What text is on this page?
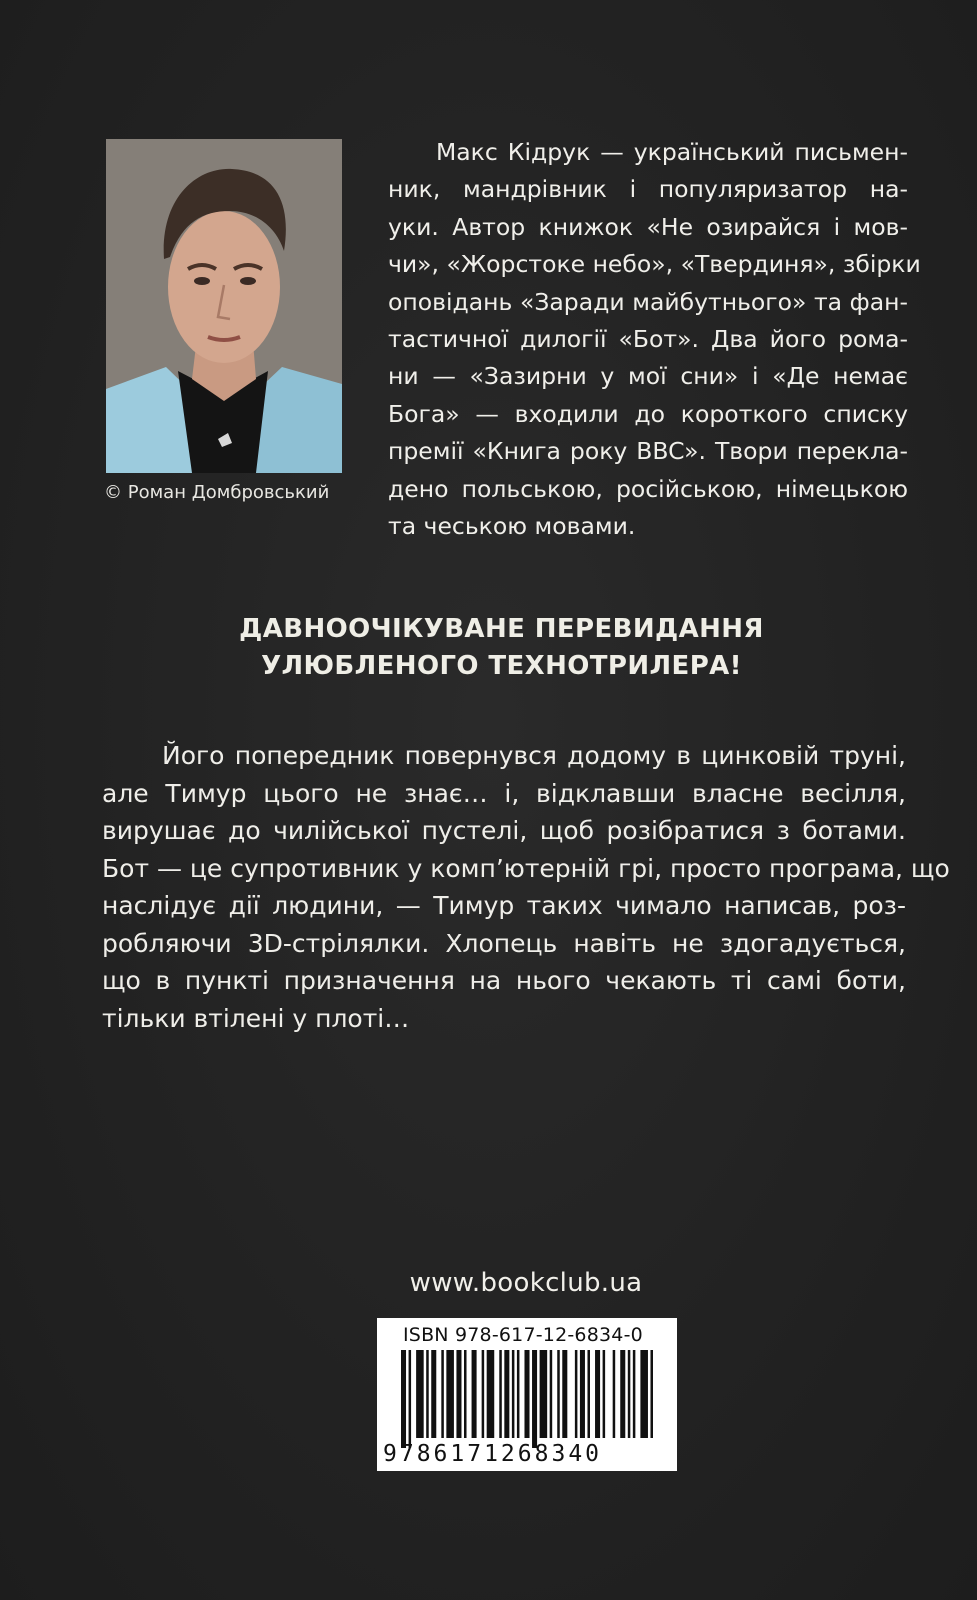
© Роман Домбровський
Макс Кідрук — український письмен-
ник, мандрівник і популяризатор на-
уки. Автор книжок «Не озирайся і мов-
чи», «Жорстоке небо», «Твердиня», збірки
оповідань «Заради майбутнього» та фан-
тастичної дилогії «Бот». Два його рома-
ни — «Зазирни у мої сни» і «Де немає
Бога» — входили до короткого списку
премії «Книга року BBC». Твори перекла-
дено польською, російською, німецькою
та чеською мовами.
ДАВНООЧІКУВАНЕ ПЕРЕВИДАННЯ
УЛЮБЛЕНОГО ТЕХНОТРИЛЕРА!
Його попередник повернувся додому в цинковій труні,
але Тимур цього не знає… і, відклавши власне весілля,
вирушає до чилійської пустелі, щоб розібратися з ботами.
Бот — це супротивник у комп’ютерній грі, просто програма, що
наслідує дії людини, — Тимур таких чимало написав, роз-
робляючи 3D-стрілялки. Хлопець навіть не здогадується,
що в пункті призначення на нього чекають ті самі боти,
тільки втілені у плоті…
www.bookclub.ua
ISBN 978-617-12-6834-0
9786171268340
